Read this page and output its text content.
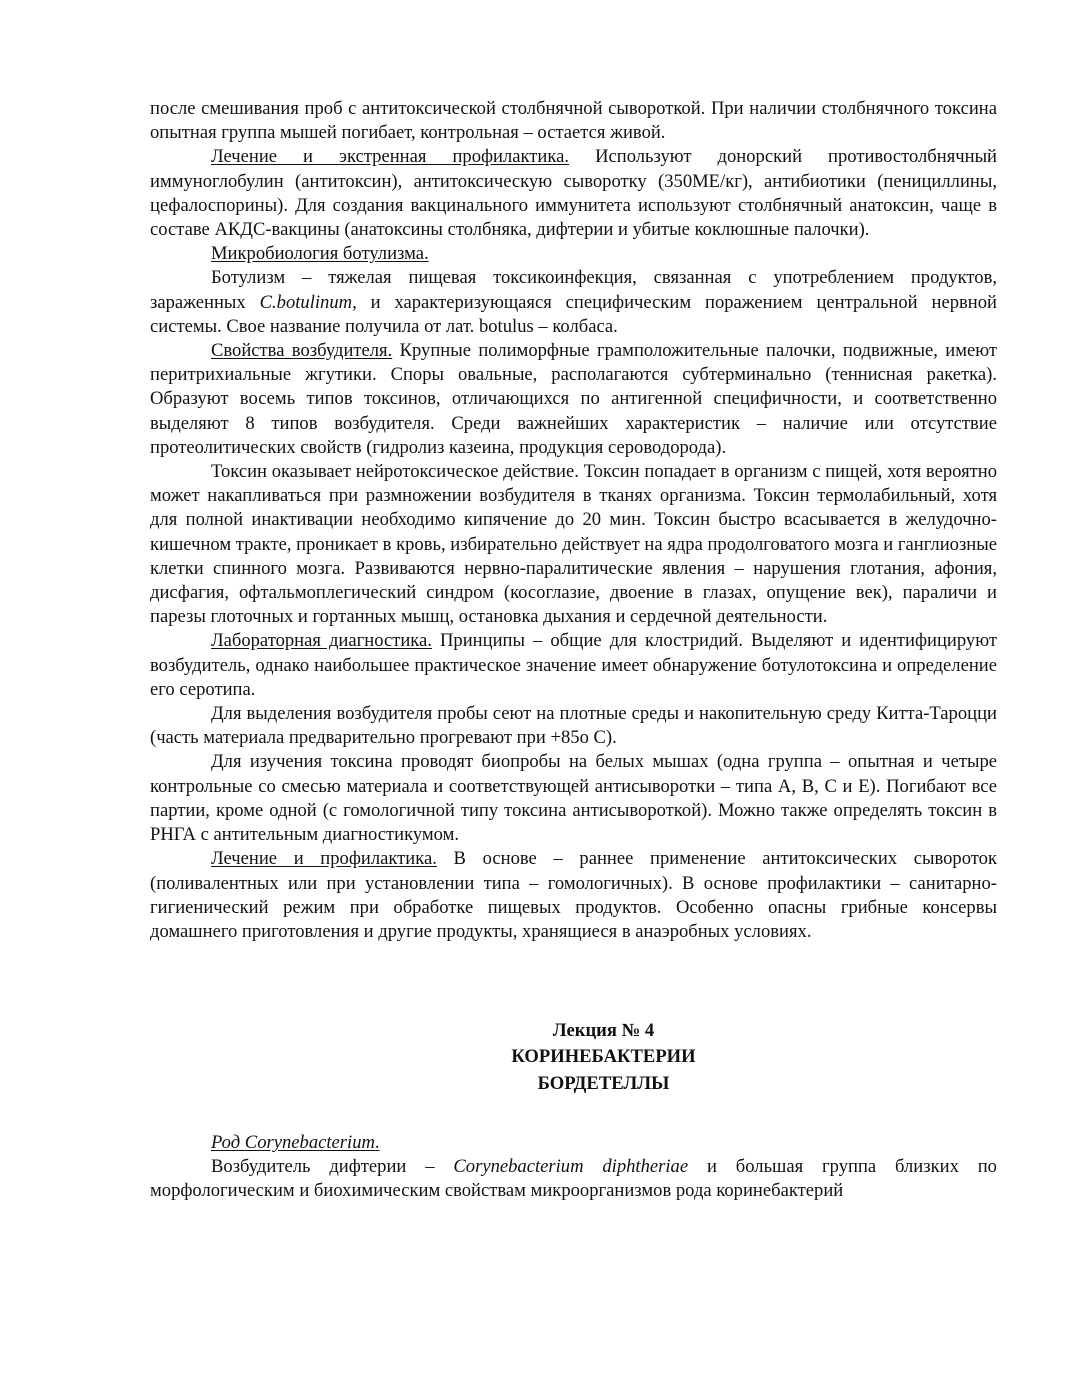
после смешивания проб с антитоксической столбнячной сывороткой. При наличии столбнячного токсина опытная группа мышей погибает, контрольная – остается живой.

Лечение и экстренная профилактика. Используют донорский противостолбнячный иммуноглобулин (антитоксин), антитоксическую сыворотку (350МЕ/кг), антибиотики (пенициллины, цефалоспорины). Для создания вакцинального иммунитета используют столбнячный анатоксин, чаще в составе АКДС-вакцины (анатоксины столбняка, дифтерии и убитые коклюшные палочки).

Микробиология ботулизма.

Ботулизм – тяжелая пищевая токсикоинфекция, связанная с употреблением продуктов, зараженных C.botulinum, и характеризующаяся специфическим поражением центральной нервной системы. Свое название получила от лат. botulus – колбаса.

Свойства возбудителя. Крупные полиморфные грамположительные палочки, подвижные, имеют перитрихиальные жгутики. Споры овальные, располагаются субтерминально (теннисная ракетка). Образуют восемь типов токсинов, отличающихся по антигенной специфичности, и соответственно выделяют 8 типов возбудителя. Среди важнейших характеристик – наличие или отсутствие протеолитических свойств (гидролиз казеина, продукция сероводорода).

Токсин оказывает нейротоксическое действие. Токсин попадает в организм с пищей, хотя вероятно может накапливаться при размножении возбудителя в тканях организма. Токсин термолабильный, хотя для полной инактивации необходимо кипячение до 20 мин. Токсин быстро всасывается в желудочно-кишечном тракте, проникает в кровь, избирательно действует на ядра продолговатого мозга и ганглиозные клетки спинного мозга. Развиваются нервно-паралитические явления – нарушения глотания, афония, дисфагия, офтальмоплегический синдром (косоглазие, двоение в глазах, опущение век), параличи и парезы глоточных и гортанных мышц, остановка дыхания и сердечной деятельности.

Лабораторная диагностика. Принципы – общие для клостридий. Выделяют и идентифицируют возбудитель, однако наибольшее практическое значение имеет обнаружение ботулотоксина и определение его серотипа.

Для выделения возбудителя пробы сеют на плотные среды и накопительную среду Китта-Тароцци (часть материала предварительно прогревают при +85о С).

Для изучения токсина проводят биопробы на белых мышах (одна группа – опытная и четыре контрольные со смесью материала и соответствующей антисыворотки – типа А, В, С и Е). Погибают все партии, кроме одной (с гомологичной типу токсина антисывороткой). Можно также определять токсин в РНГА с антительным диагностикумом.

Лечение и профилактика. В основе – раннее применение антитоксических сывороток (поливалентных или при установлении типа – гомологичных). В основе профилактики – санитарно-гигиенический режим при обработке пищевых продуктов. Особенно опасны грибные консервы домашнего приготовления и другие продукты, хранящиеся в анаэробных условиях.

Лекция № 4
КОРИНЕБАКТЕРИИ
БОРДЕТЕЛЛЫ

Род Corynebacterium.

Возбудитель дифтерии – Corynebacterium diphtheriae и большая группа близких по морфологическим и биохимическим свойствам микроорганизмов рода коринебактерий
